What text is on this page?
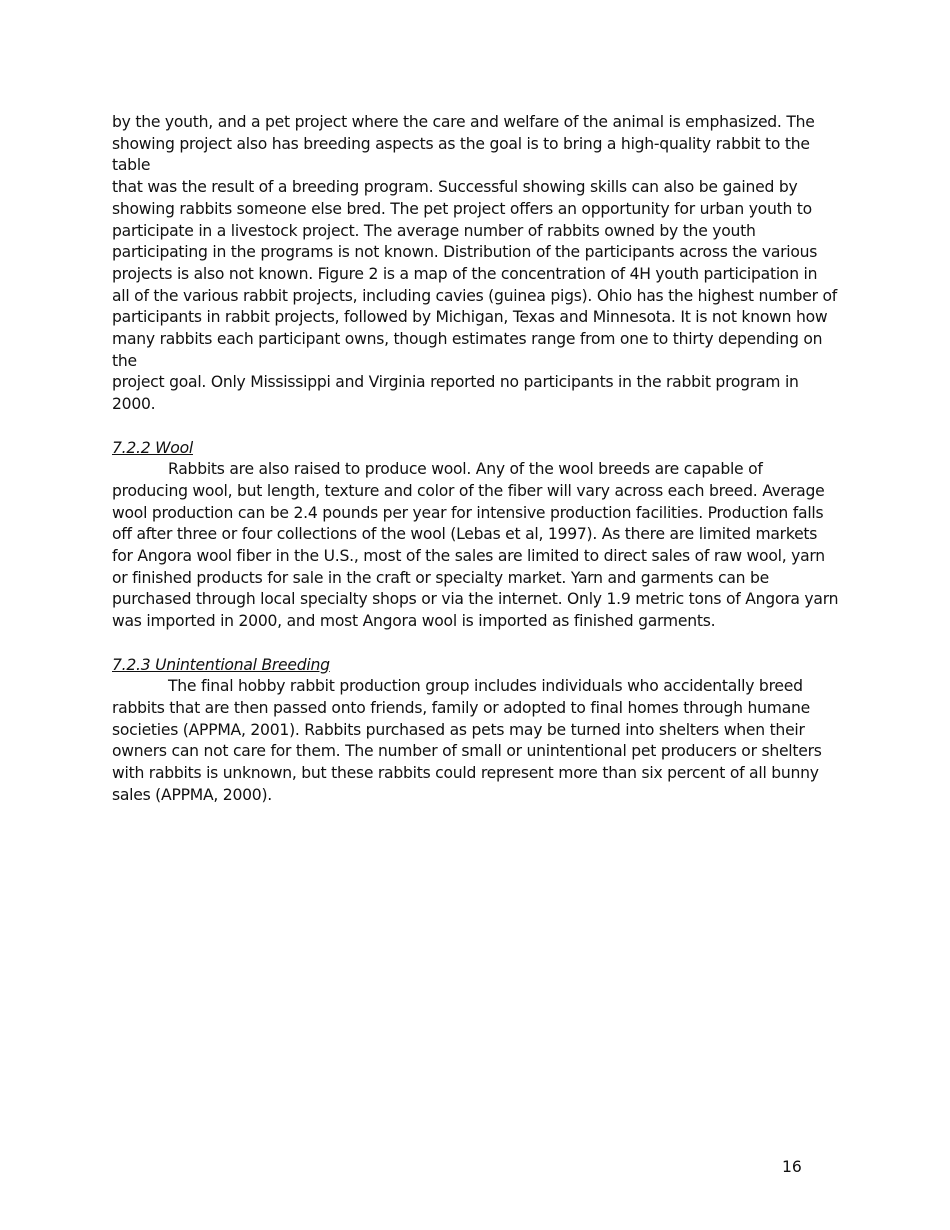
by the youth, and a pet project where the care and welfare of the animal is emphasized. The
showing project also has breeding aspects as the goal is to bring a high-quality rabbit to the table
that was the result of a breeding program. Successful showing skills can also be gained by
showing rabbits someone else bred. The pet project offers an opportunity for urban youth to
participate in a livestock project. The average number of rabbits owned by the youth
participating in the programs is not known. Distribution of the participants across the various
projects is also not known. Figure 2 is a map of the concentration of 4H youth participation in
all of the various rabbit projects, including cavies (guinea pigs). Ohio has the highest number of
participants in rabbit projects, followed by Michigan, Texas and Minnesota. It is not known how
many rabbits each participant owns, though estimates range from one to thirty depending on the
project goal. Only Mississippi and Virginia reported no participants in the rabbit program in
2000.

7.2.2 Wool

Rabbits are also raised to produce wool. Any of the wool breeds are capable of
producing wool, but length, texture and color of the fiber will vary across each breed. Average
wool production can be 2.4 pounds per year for intensive production facilities. Production falls
off after three or four collections of the wool (Lebas et al, 1997). As there are limited markets
for Angora wool fiber in the U.S., most of the sales are limited to direct sales of raw wool, yarn
or finished products for sale in the craft or specialty market. Yarn and garments can be
purchased through local specialty shops or via the internet. Only 1.9 metric tons of Angora yarn
was imported in 2000, and most Angora wool is imported as finished garments.

7.2.3 Unintentional Breeding

The final hobby rabbit production group includes individuals who accidentally breed
rabbits that are then passed onto friends, family or adopted to final homes through humane
societies (APPMA, 2001). Rabbits purchased as pets may be turned into shelters when their
owners can not care for them. The number of small or unintentional pet producers or shelters
with rabbits is unknown, but these rabbits could represent more than six percent of all bunny
sales (APPMA, 2000).

16
